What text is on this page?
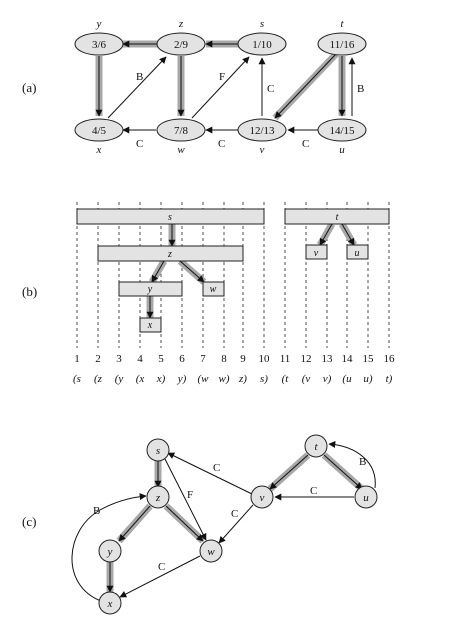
(a)
(b)
(c)
B	F
C	B
C	C	C
3/6	2/9	1/10	11/16
4/5	7/8	12/13	14/15
y	z	s	t
x	w	v	u
s
z
y
x
w
t
v	u
1 2 3 4 5 6 7 8 9 10 11 12 13 14 15 16
(s (z (y (x x) y) (w w) z) s) (t (v v) (u u) t)
C
F
B	C
C
C
B
s
z
y
x
w
t
v	u
